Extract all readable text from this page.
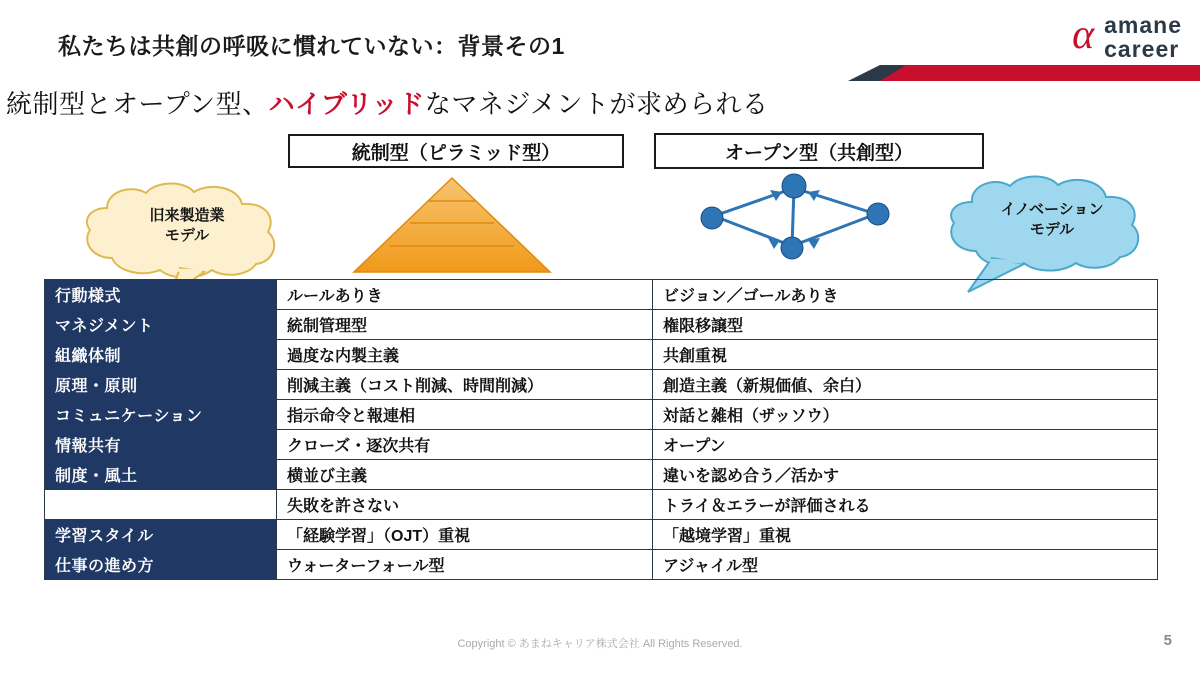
私たちは共創の呼吸に慣れていない：背景その1	α amane
career
統制型とオープン型、ハイブリッドなマネジメントが求められる
統制型（ピラミッド型）	オープン型（共創型）
旧来製造業
モデル
イノベーション
モデル
行動様式	ルールありき	ビジョン／ゴールありき
マネジメント	統制管理型	権限移譲型
組織体制	過度な内製主義	共創重視
原理・原則	削減主義（コスト削減、時間削減）	創造主義（新規価値、余白）
コミュニケーション	指示命令と報連相	対話と雑相（ザッソウ）
情報共有	クローズ・逐次共有	オープン
制度・風土	横並び主義	違いを認め合う／活かす
	失敗を許さない	トライ＆エラーが評価される
学習スタイル	「経験学習」（OJT）重視	「越境学習」重視
仕事の進め方	ウォーターフォール型	アジャイル型
Copyright © あまねキャリア株式会社 All Rights Reserved.	5
